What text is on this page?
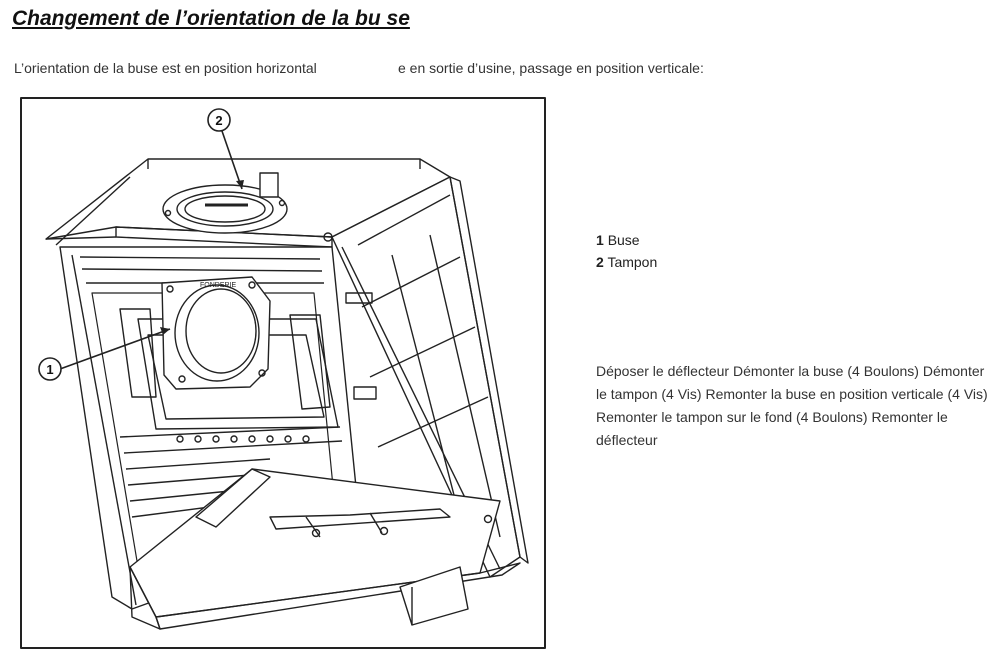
Changement de l’orientation de la bu se
L’orientation de la buse est en position horizontal	e en sortie d’usine, passage en position verticale:
FONDERIE
1
2
1 Buse
2 Tampon
Déposer le déflecteur Démonter la buse (4 Boulons) Démonter le tampon (4 Vis) Remonter la buse en position verticale (4 Vis) Remonter le tampon sur le fond (4 Boulons) Remonter le déflecteur
